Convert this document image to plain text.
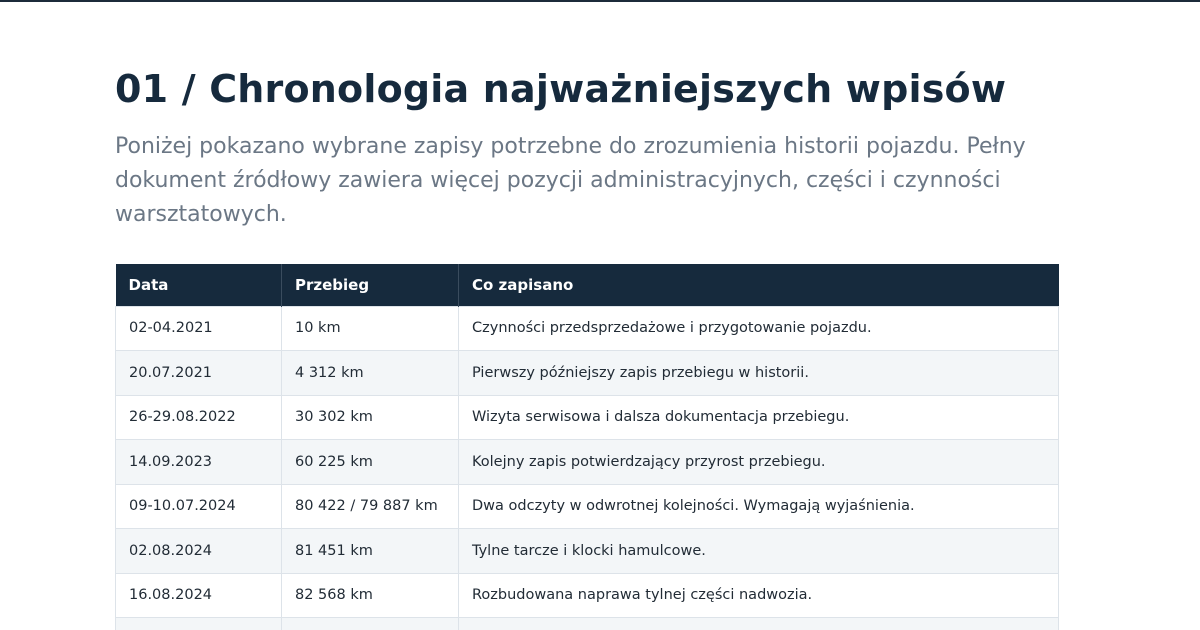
01 / Chronologia najważniejszych wpisów

Poniżej pokazano wybrane zapisy potrzebne do zrozumienia historii pojazdu. Pełny dokument źródłowy zawiera więcej pozycji administracyjnych, części i czynności warsztatowych.

Data	Przebieg	Co zapisano
02-04.2021	10 km	Czynności przedsprzedażowe i przygotowanie pojazdu.
20.07.2021	4 312 km	Pierwszy późniejszy zapis przebiegu w historii.
26-29.08.2022	30 302 km	Wizyta serwisowa i dalsza dokumentacja przebiegu.
14.09.2023	60 225 km	Kolejny zapis potwierdzający przyrost przebiegu.
09-10.07.2024	80 422 / 79 887 km	Dwa odczyty w odwrotnej kolejności. Wymagają wyjaśnienia.
02.08.2024	81 451 km	Tylne tarcze i klocki hamulcowe.
16.08.2024	82 568 km	Rozbudowana naprawa tylnej części nadwozia.
